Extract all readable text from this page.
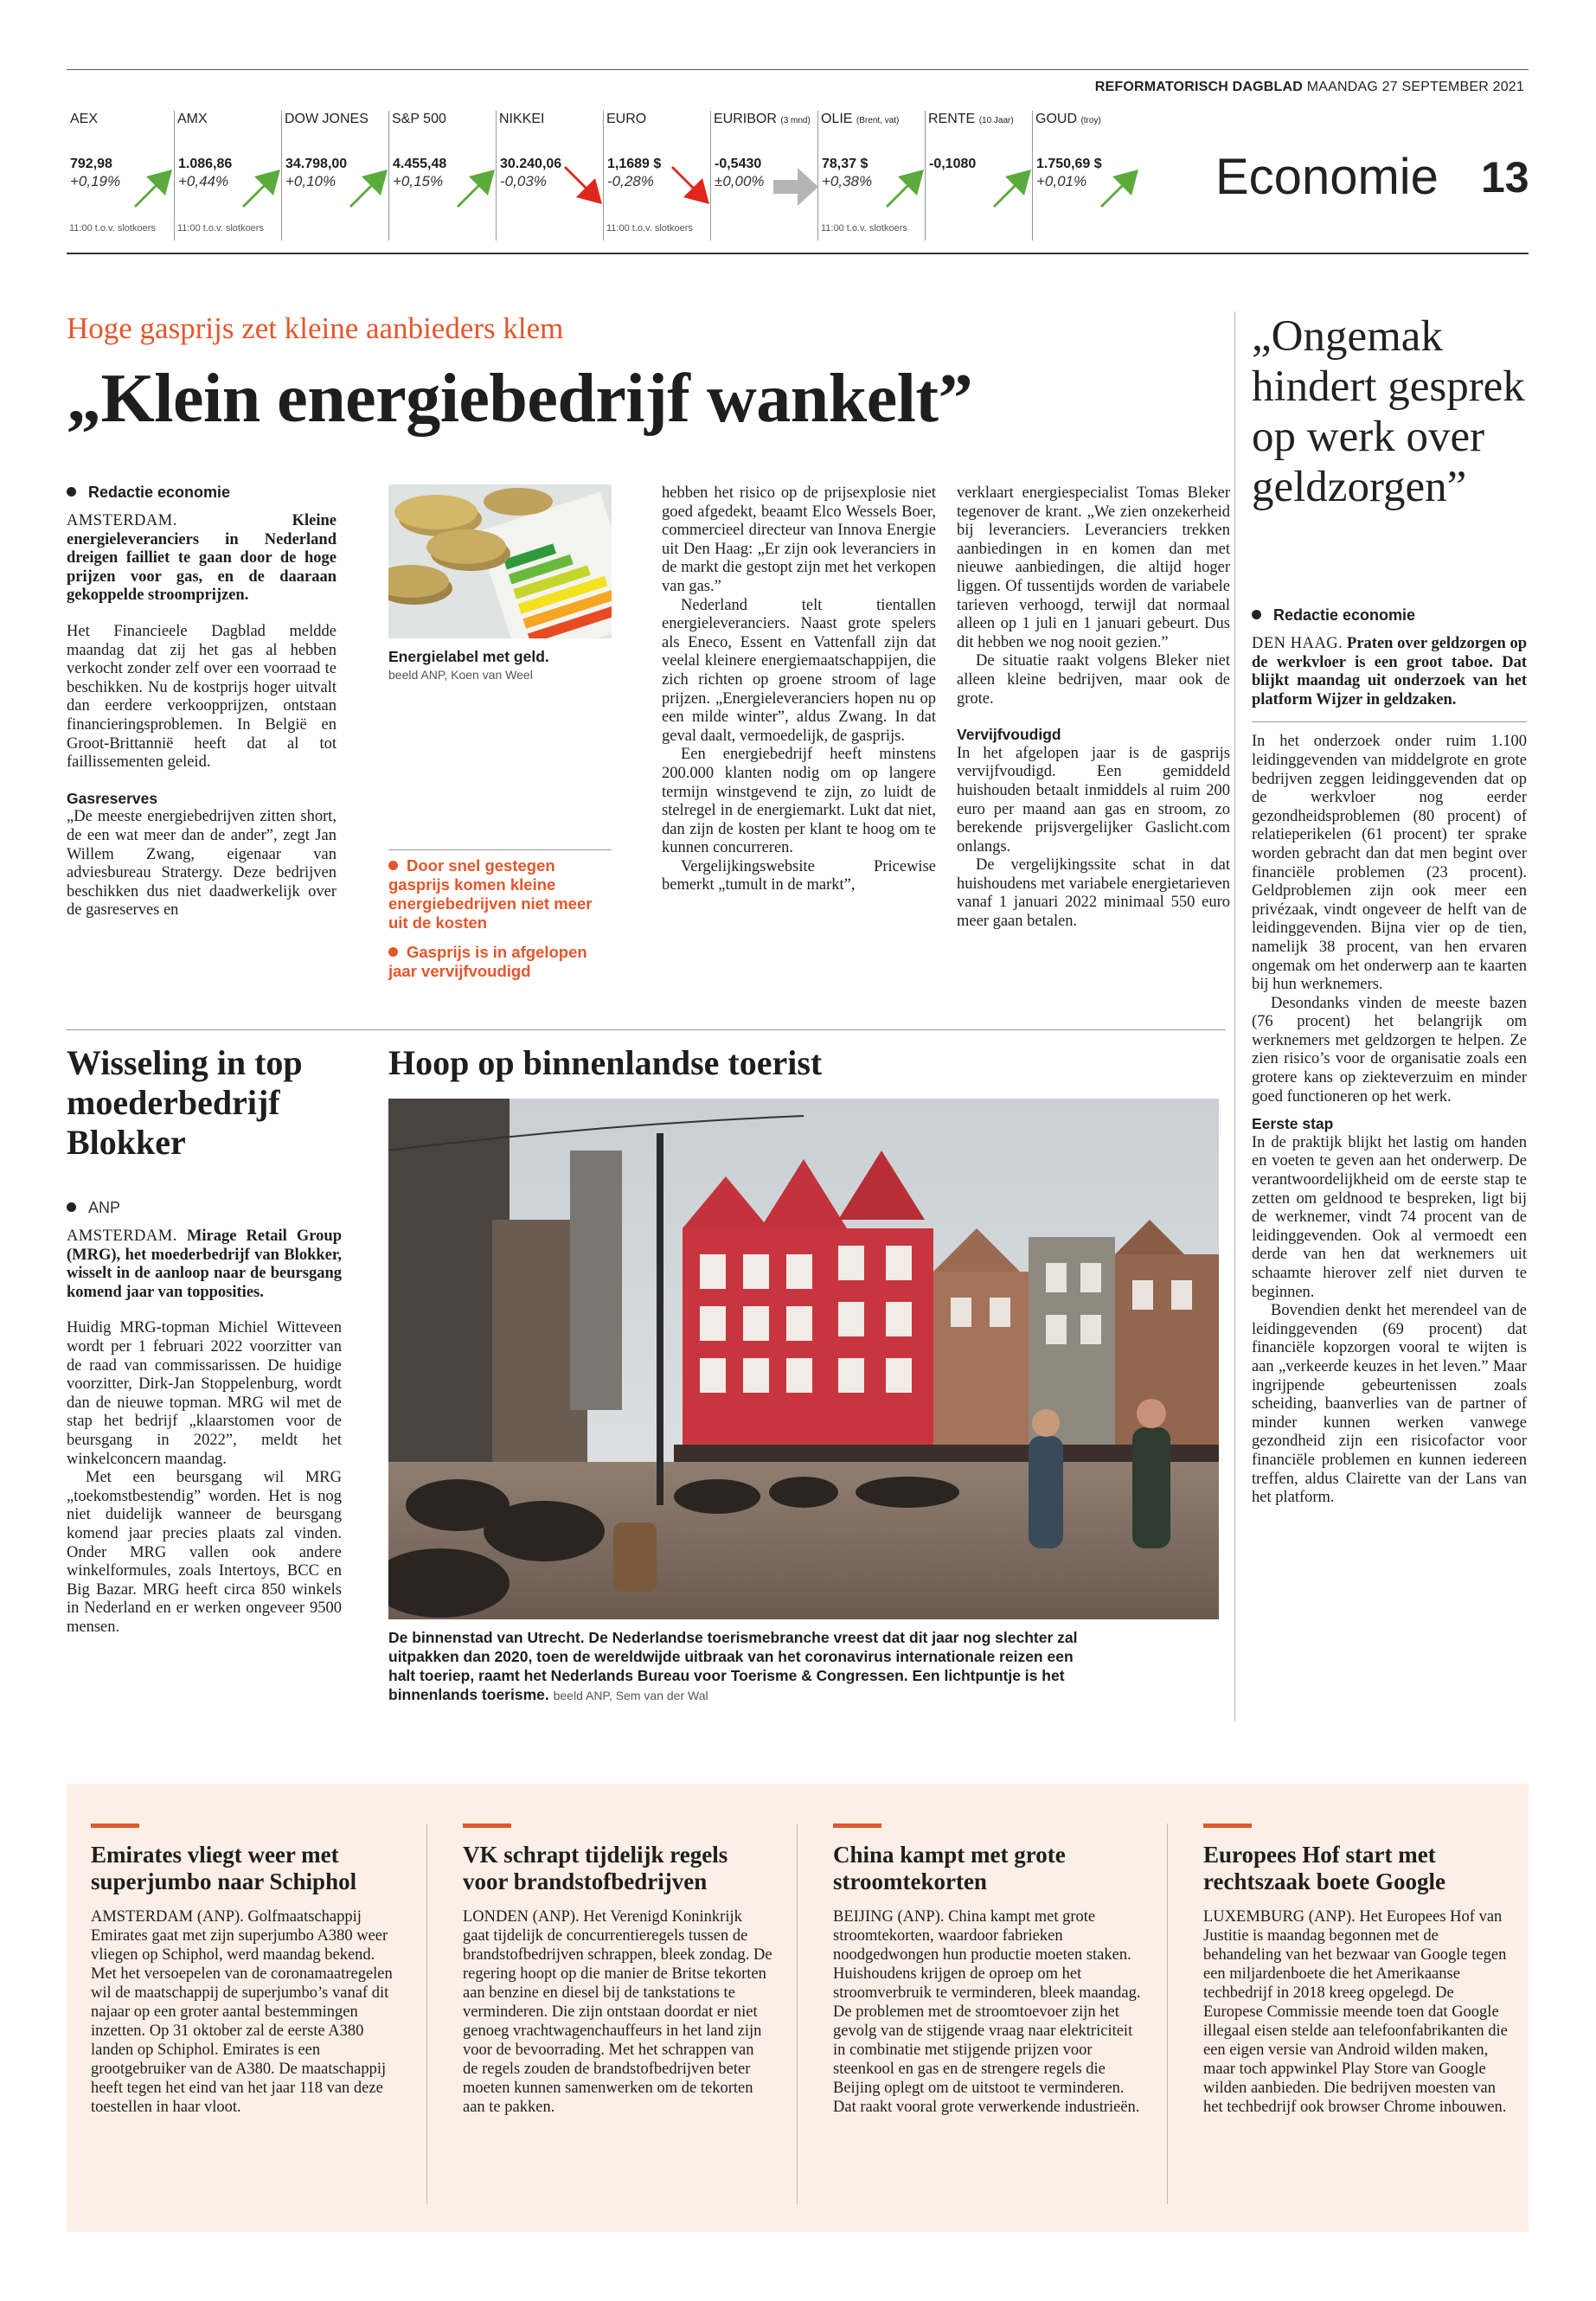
REFORMATORISCH DAGBLAD MAANDAG 27 SEPTEMBER 2021
AEX
792,98
+0,19%
11:00 t.o.v. slotkoers
AMX
1.086,86
+0,44%
11:00 t.o.v. slotkoers
DOW JONES
34.798,00
+0,10%
S&P 500
4.455,48
+0,15%
NIKKEI
30.240,06
-0,03%
EURO
1,1689 $
-0,28%
11:00 t.o.v. slotkoers
EURIBOR (3 mnd)
-0,5430
±0,00%
OLIE (Brent, vat)
78,37 $
+0,38%
11:00 t.o.v. slotkoers
RENTE (10 Jaar)
-0,1080
GOUD (troy)
1.750,69 $
+0,01%	Economie 13
Hoge gasprijs zet kleine aanbieders klem
„Klein energiebedrijf wankelt”
Redactie economie

AMSTERDAM.	Kleine energieleveranciers in Nederland dreigen failliet te gaan door de hoge prijzen voor gas, en de daaraan gekoppelde stroomprijzen.

Het Financieele Dagblad meldde maandag dat zij het gas al hebben verkocht zonder zelf over een voorraad te beschikken. Nu de kostprijs hoger uitvalt dan eerdere verkoopprijzen, ontstaan financieringsproblemen. In België en Groot-Brittannië heeft dat al tot faillissementen geleid.

Gasreserves

„De meeste energiebedrijven zitten short, de een wat meer dan de ander”, zegt Jan Willem Zwang, eigenaar van adviesbureau Stratergy. Deze bedrijven beschikken dus niet daadwerkelijk over de gasreserves en

Energielabel met geld.
beeld ANP, Koen van Weel
Door snel gestegen gasprijs komen kleine energiebedrijven niet meer uit de kosten
Gasprijs is in afgelopen jaar vervijfvoudigd

hebben het risico op de prijsexplosie niet goed afgedekt, beaamt Elco Wessels Boer, commercieel directeur van Innova Energie uit Den Haag: „Er zijn ook leveranciers in de markt die gestopt zijn met het verkopen van gas.”

Nederland telt tientallen energieleveranciers. Naast grote spelers als Eneco, Essent en Vattenfall zijn dat veelal kleinere energiemaatschappijen, die zich richten op groene stroom of lage prijzen. „Energieleveranciers hopen nu op een milde winter”, aldus Zwang. In dat geval daalt, vermoedelijk, de gasprijs.

Een energiebedrijf heeft minstens 200.000 klanten nodig om op langere termijn winstgevend te zijn, zo luidt de stelregel in de energiemarkt. Lukt dat niet, dan zijn de kosten per klant te hoog om te kunnen concurreren.

Vergelijkingswebsite Pricewise bemerkt „tumult in de markt”,

verklaart energiespecialist Tomas Bleker tegenover de krant. „We zien onzekerheid bij leveranciers. Leveranciers trekken aanbiedingen in en komen dan met nieuwe aanbiedingen, die altijd hoger liggen. Of tussentijds worden de variabele tarieven verhoogd, terwijl dat normaal alleen op 1 juli en 1 januari gebeurt. Dus dit hebben we nog nooit gezien.”

De situatie raakt volgens Bleker niet alleen kleine bedrijven, maar ook de grote.

Vervijfvoudigd

In het afgelopen jaar is de gasprijs vervijfvoudigd. Een gemiddeld huishouden betaalt inmiddels al ruim 200 euro per maand aan gas en stroom, zo berekende prijsvergelijker Gaslicht.com onlangs.

De vergelijkingssite schat in dat huishoudens met variabele energietarieven vanaf 1 januari 2022 minimaal 550 euro meer gaan betalen.

Wisseling in top moederbedrijf Blokker
ANP

AMSTERDAM. Mirage Retail Group (MRG), het moederbedrijf van Blokker, wisselt in de aanloop naar de beursgang komend jaar van topposities.

Huidig MRG-topman Michiel Witteveen wordt per 1 februari 2022 voorzitter van de raad van commissarissen. De huidige voorzitter, Dirk-Jan Stoppelenburg, wordt dan de nieuwe topman. MRG wil met de stap het bedrijf „klaarstomen voor de beursgang in 2022”, meldt het winkelconcern maandag.

Met een beursgang wil MRG „toekomstbestendig” worden. Het is nog niet duidelijk wanneer de beursgang komend jaar precies plaats zal vinden. Onder MRG vallen ook andere winkelformules, zoals Intertoys, BCC en Big Bazar. MRG heeft circa 850 winkels in Nederland en er werken ongeveer 9500 mensen.

Hoop op binnenlandse toerist
De binnenstad van Utrecht. De Nederlandse toerismebranche vreest dat dit jaar nog slechter zal uitpakken dan 2020, toen de wereldwijde uitbraak van het coronavirus internationale reizen een halt toeriep, raamt het Nederlands Bureau voor Toerisme & Congressen. Een lichtpuntje is het binnenlands toerisme. beeld ANP, Sem van der Wal
„Ongemak hindert gesprek op werk over geldzorgen”
Redactie economie

DEN HAAG. Praten over geldzorgen op de werkvloer is een groot taboe. Dat blijkt maandag uit onderzoek van het platform Wijzer in geldzaken.

In het onderzoek onder ruim 1.100 leidinggevenden van middelgrote en grote bedrijven zeggen leidinggevenden dat op de werkvloer nog eerder gezondheidsproblemen (80 procent) of relatieperikelen (61 procent) ter sprake worden gebracht dan dat men begint over financiële problemen (23 procent). Geldproblemen zijn ook meer een privézaak, vindt ongeveer de helft van de leidinggevenden. Bijna vier op de tien, namelijk 38 procent, van hen ervaren ongemak om het onderwerp aan te kaarten bij hun werknemers.

Desondanks vinden de meeste bazen (76 procent) het belangrijk om werknemers met geldzorgen te helpen. Ze zien risico’s voor de organisatie zoals een grotere kans op ziekteverzuim en minder goed functioneren op het werk.

Eerste stap

In de praktijk blijkt het lastig om handen en voeten te geven aan het onderwerp. De verantwoordelijkheid om de eerste stap te zetten om geldnood te bespreken, ligt bij de werknemer, vindt 74 procent van de leidinggevenden. Ook al vermoedt een derde van hen dat werknemers uit schaamte hierover zelf niet durven te beginnen.

Bovendien denkt het merendeel van de leidinggevenden (69 procent) dat financiële kopzorgen vooral te wijten is aan „verkeerde keuzes in het leven.” Maar ingrijpende gebeurtenissen zoals scheiding, baanverlies van de partner of minder kunnen werken vanwege gezondheid zijn een risicofactor voor financiële problemen en kunnen iedereen treffen, aldus Clairette van der Lans van het platform.

Emirates vliegt weer met superjumbo naar Schiphol
AMSTERDAM (ANP). Golfmaatschappij Emirates gaat met zijn superjumbo A380 weer vliegen op Schiphol, werd maandag bekend. Met het versoepelen van de coronamaatregelen wil de maatschappij de superjumbo’s vanaf dit najaar op een groter aantal bestemmingen inzetten. Op 31 oktober zal de eerste A380 landen op Schiphol. Emirates is een grootgebruiker van de A380. De maatschappij heeft tegen het eind van het jaar 118 van deze toestellen in haar vloot.
VK schrapt tijdelijk regels voor brandstofbedrijven
LONDEN (ANP). Het Verenigd Koninkrijk gaat tijdelijk de concurrentieregels tussen de brandstofbedrijven schrappen, bleek zondag. De regering hoopt op die manier de Britse tekorten aan benzine en diesel bij de tankstations te verminderen. Die zijn ontstaan doordat er niet genoeg vrachtwagenchauffeurs in het land zijn voor de bevoorrading. Met het schrappen van de regels zouden de brandstofbedrijven beter moeten kunnen samenwerken om de tekorten aan te pakken.
China kampt met grote stroomtekorten
BEIJING (ANP). China kampt met grote stroomtekorten, waardoor fabrieken noodgedwongen hun productie moeten staken. Huishoudens krijgen de oproep om het stroomverbruik te verminderen, bleek maandag. De problemen met de stroomtoevoer zijn het gevolg van de stijgende vraag naar elektriciteit in combinatie met stijgende prijzen voor steenkool en gas en de strengere regels die Beijing oplegt om de uitstoot te verminderen. Dat raakt vooral grote verwerkende industrieën.
Europees Hof start met rechtszaak boete Google
LUXEMBURG (ANP). Het Europees Hof van Justitie is maandag begonnen met de behandeling van het bezwaar van Google tegen een miljardenboete die het Amerikaanse techbedrijf in 2018 kreeg opgelegd. De Europese Commissie meende toen dat Google illegaal eisen stelde aan telefoonfabrikanten die een eigen versie van Android wilden maken, maar toch appwinkel Play Store van Google wilden aanbieden. Die bedrijven moesten van het techbedrijf ook browser Chrome inbouwen.
